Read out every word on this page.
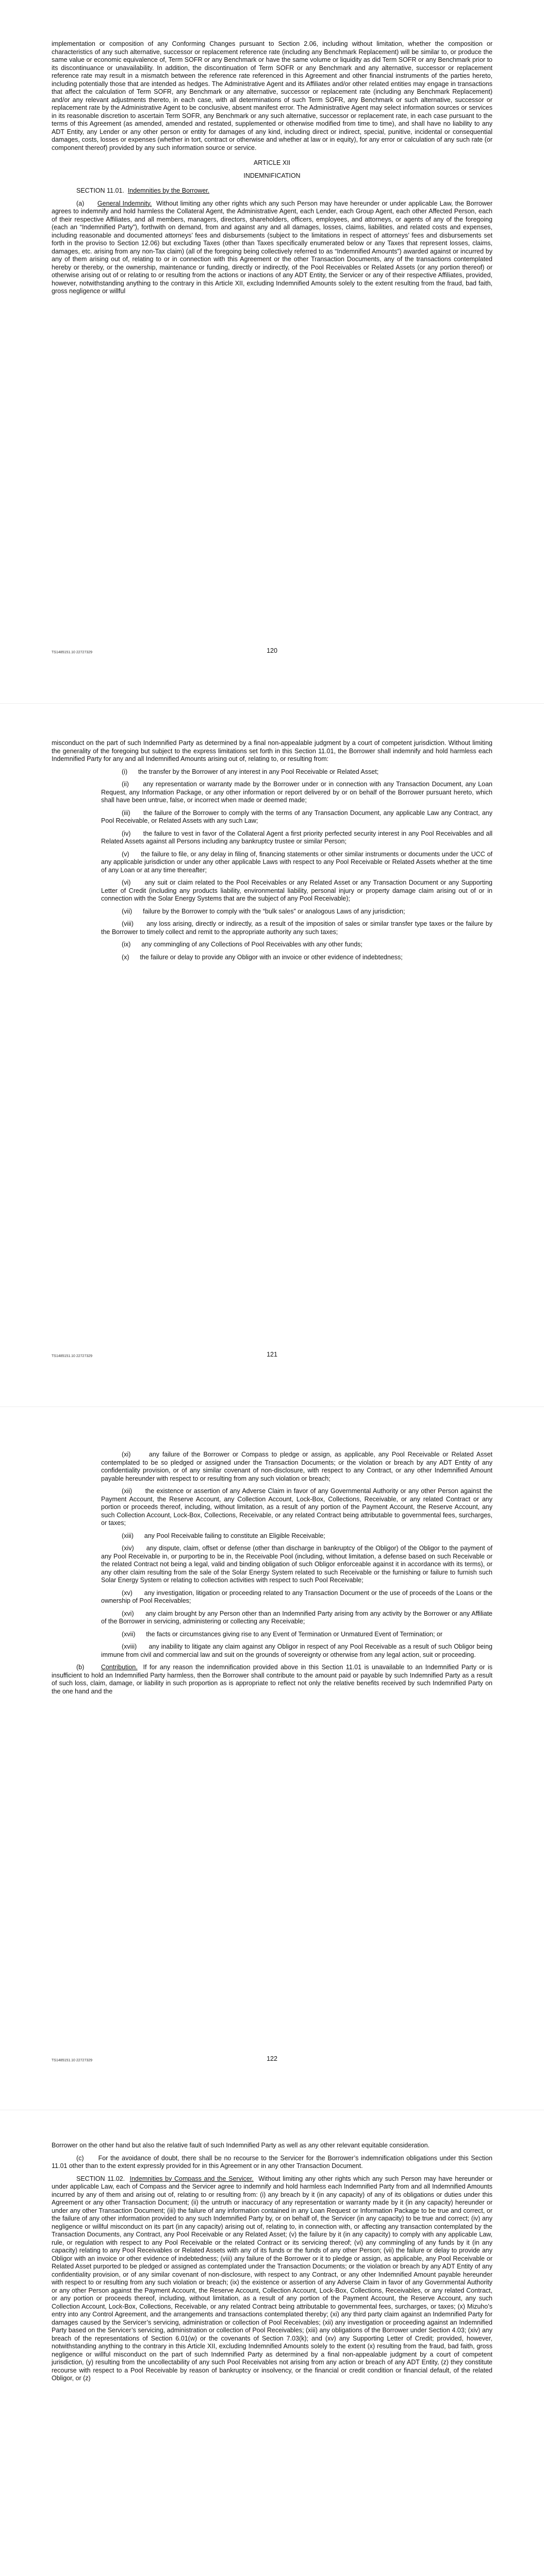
implementation or composition of any Conforming Changes pursuant to Section 2.06, including without limitation, whether the composition or characteristics of any such alternative, successor or replacement reference rate (including any Benchmark Replacement) will be similar to, or produce the same value or economic equivalence of, Term SOFR or any Benchmark or have the same volume or liquidity as did Term SOFR or any Benchmark prior to its discontinuance or unavailability. In addition, the discontinuation of Term SOFR or any Benchmark and any alternative, successor or replacement reference rate may result in a mismatch between the reference rate referenced in this Agreement and other financial instruments of the parties hereto, including potentially those that are intended as hedges. The Administrative Agent and its Affiliates and/or other related entities may engage in transactions that affect the calculation of Term SOFR, any Benchmark or any alternative, successor or replacement rate (including any Benchmark Replacement) and/or any relevant adjustments thereto, in each case, with all determinations of such Term SOFR, any Benchmark or such alternative, successor or replacement rate by the Administrative Agent to be conclusive, absent manifest error. The Administrative Agent may select information sources or services in its reasonable discretion to ascertain Term SOFR, any Benchmark or any such alternative, successor or replacement rate, in each case pursuant to the terms of this Agreement (as amended, amended and restated, supplemented or otherwise modified from time to time), and shall have no liability to any ADT Entity, any Lender or any other person or entity for damages of any kind, including direct or indirect, special, punitive, incidental or consequential damages, costs, losses or expenses (whether in tort, contract or otherwise and whether at law or in equity), for any error or calculation of any such rate (or component thereof) provided by any such information source or service.

ARTICLE XII

INDEMNIFICATION

SECTION 11.01. Indemnities by the Borrower.

(a) General Indemnity. Without limiting any other rights which any such Person may have hereunder or under applicable Law, the Borrower agrees to indemnify and hold harmless the Collateral Agent, the Administrative Agent, each Lender, each Group Agent, each other Affected Person, each of their respective Affiliates, and all members, managers, directors, shareholders, officers, employees, and attorneys, or agents of any of the foregoing (each an “Indemnified Party”), forthwith on demand, from and against any and all damages, losses, claims, liabilities, and related costs and expenses, including reasonable and documented attorneys’ fees and disbursements (subject to the limitations in respect of attorneys’ fees and disbursements set forth in the proviso to Section 12.06) but excluding Taxes (other than Taxes specifically enumerated below or any Taxes that represent losses, claims, damages, etc. arising from any non-Tax claim) (all of the foregoing being collectively referred to as “Indemnified Amounts”) awarded against or incurred by any of them arising out of, relating to or in connection with this Agreement or the other Transaction Documents, any of the transactions contemplated hereby or thereby, or the ownership, maintenance or funding, directly or indirectly, of the Pool Receivables or Related Assets (or any portion thereof) or otherwise arising out of or relating to or resulting from the actions or inactions of any ADT Entity, the Servicer or any of their respective Affiliates, provided, however, notwithstanding anything to the contrary in this Article XII, excluding Indemnified Amounts solely to the extent resulting from the fraud, bad faith, gross negligence or willful

TS1485151.10 22727329	120

misconduct on the part of such Indemnified Party as determined by a final non-appealable judgment by a court of competent jurisdiction. Without limiting the generality of the foregoing but subject to the express limitations set forth in this Section 11.01, the Borrower shall indemnify and hold harmless each Indemnified Party for any and all Indemnified Amounts arising out of, relating to, or resulting from:

(i) the transfer by the Borrower of any interest in any Pool Receivable or Related Asset;

(ii) any representation or warranty made by the Borrower under or in connection with any Transaction Document, any Loan Request, any Information Package, or any other information or report delivered by or on behalf of the Borrower pursuant hereto, which shall have been untrue, false, or incorrect when made or deemed made;

(iii) the failure of the Borrower to comply with the terms of any Transaction Document, any applicable Law any Contract, any Pool Receivable, or Related Assets with any such Law;

(iv) the failure to vest in favor of the Collateral Agent a first priority perfected security interest in any Pool Receivables and all Related Assets against all Persons including any bankruptcy trustee or similar Person;

(v) the failure to file, or any delay in filing of, financing statements or other similar instruments or documents under the UCC of any applicable jurisdiction or under any other applicable Laws with respect to any Pool Receivable or Related Assets whether at the time of any Loan or at any time thereafter;

(vi) any suit or claim related to the Pool Receivables or any Related Asset or any Transaction Document or any Supporting Letter of Credit (including any products liability, environmental liability, personal injury or property damage claim arising out of or in connection with the Solar Energy Systems that are the subject of any Pool Receivable);

(vii) failure by the Borrower to comply with the “bulk sales” or analogous Laws of any jurisdiction;

(viii) any loss arising, directly or indirectly, as a result of the imposition of sales or similar transfer type taxes or the failure by the Borrower to timely collect and remit to the appropriate authority any such taxes;

(ix) any commingling of any Collections of Pool Receivables with any other funds;

(x) the failure or delay to provide any Obligor with an invoice or other evidence of indebtedness;

TS1485151.10 22727329	121

(xi)	any failure of the Borrower or Compass to pledge or assign, as applicable, any Pool Receivable or Related Asset contemplated to be so pledged or assigned under the Transaction Documents; or the violation or breach by any ADT Entity of any confidentiality provision, or of any similar covenant of non-disclosure, with respect to any Contract, or any other Indemnified Amount payable hereunder with respect to or resulting from any such violation or breach;

(xii) the existence or assertion of any Adverse Claim in favor of any Governmental Authority or any other Person against the Payment Account, the Reserve Account, any Collection Account, Lock-Box, Collections, Receivable, or any related Contract or any portion or proceeds thereof, including, without limitation, as a result of any portion of the Payment Account, the Reserve Account, any such Collection Account, Lock-Box, Collections, Receivable, or any related Contract being attributable to governmental fees, surcharges, or taxes;

(xiii) any Pool Receivable failing to constitute an Eligible Receivable;

(xiv) any dispute, claim, offset or defense (other than discharge in bankruptcy of the Obligor) of the Obligor to the payment of any Pool Receivable in, or purporting to be in, the Receivable Pool (including, without limitation, a defense based on such Receivable or the related Contract not being a legal, valid and binding obligation of such Obligor enforceable against it in accordance with its terms), or any other claim resulting from the sale of the Solar Energy System related to such Receivable or the furnishing or failure to furnish such Solar Energy System or relating to collection activities with respect to such Pool Receivable;

(xv) any investigation, litigation or proceeding related to any Transaction Document or the use of proceeds of the Loans or the ownership of Pool Receivables;

(xvi) any claim brought by any Person other than an Indemnified Party arising from any activity by the Borrower or any Affiliate of the Borrower in servicing, administering or collecting any Receivable;

(xvii) the facts or circumstances giving rise to any Event of Termination or Unmatured Event of Termination; or

(xviii) any inability to litigate any claim against any Obligor in respect of any Pool Receivable as a result of such Obligor being immune from civil and commercial law and suit on the grounds of sovereignty or otherwise from any legal action, suit or proceeding.

(b)	Contribution. If for any reason the indemnification provided above in this Section 11.01 is unavailable to an Indemnified Party or is insufficient to hold an Indemnified Party harmless, then the Borrower shall contribute to the amount paid or payable by such Indemnified Party as a result of such loss, claim, damage, or liability in such proportion as is appropriate to reflect not only the relative benefits received by such Indemnified Party on the one hand and the

TS1485151.10 22727329	122

Borrower on the other hand but also the relative fault of such Indemnified Party as well as any other relevant equitable consideration.

(c) For the avoidance of doubt, there shall be no recourse to the Servicer for the Borrower’s indemnification obligations under this Section 11.01 other than to the extent expressly provided for in this Agreement or in any other Transaction Document.

SECTION 11.02. Indemnities by Compass and the Servicer. Without limiting any other rights which any such Person may have hereunder or under applicable Law, each of Compass and the Servicer agree to indemnify and hold harmless each Indemnified Party from and all Indemnified Amounts incurred by any of them and arising out of, relating to or resulting from: (i) any breach by it (in any capacity) of any of its obligations or duties under this Agreement or any other Transaction Document; (ii) the untruth or inaccuracy of any representation or warranty made by it (in any capacity) hereunder or under any other Transaction Document; (iii) the failure of any information contained in any Loan Request or Information Package to be true and correct, or the failure of any other information provided to any such Indemnified Party by, or on behalf of, the Servicer (in any capacity) to be true and correct; (iv) any negligence or willful misconduct on its part (in any capacity) arising out of, relating to, in connection with, or affecting any transaction contemplated by the Transaction Documents, any Contract, any Pool Receivable or any Related Asset; (v) the failure by it (in any capacity) to comply with any applicable Law, rule, or regulation with respect to any Pool Receivable or the related Contract or its servicing thereof; (vi) any commingling of any funds by it (in any capacity) relating to any Pool Receivables or Related Assets with any of its funds or the funds of any other Person; (vii) the failure or delay to provide any Obligor with an invoice or other evidence of indebtedness; (viii) any failure of the Borrower or it to pledge or assign, as applicable, any Pool Receivable or Related Asset purported to be pledged or assigned as contemplated under the Transaction Documents; or the violation or breach by any ADT Entity of any confidentiality provision, or of any similar covenant of non-disclosure, with respect to any Contract, or any other Indemnified Amount payable hereunder with respect to or resulting from any such violation or breach; (ix) the existence or assertion of any Adverse Claim in favor of any Governmental Authority or any other Person against the Payment Account, the Reserve Account, Collection Account, Lock-Box, Collections, Receivables, or any related Contract, or any portion or proceeds thereof, including, without limitation, as a result of any portion of the Payment Account, the Reserve Account, any such Collection Account, Lock-Box, Collections, Receivable, or any related Contract being attributable to governmental fees, surcharges, or taxes; (x) Mizuho’s entry into any Control Agreement, and the arrangements and transactions contemplated thereby; (xi) any third party claim against an Indemnified Party for damages caused by the Servicer’s servicing, administration or collection of Pool Receivables; (xii) any investigation or proceeding against an Indemnified Party based on the Servicer’s servicing, administration or collection of Pool Receivables; (xiii) any obligations of the Borrower under Section 4.03; (xiv) any breach of the representations of Section 6.01(w) or the covenants of Section 7.03(k); and (xv) any Supporting Letter of Credit; provided, however, notwithstanding anything to the contrary in this Article XII, excluding Indemnified Amounts solely to the extent (x) resulting from the fraud, bad faith, gross negligence or willful misconduct on the part of such Indemnified Party as determined by a final non-appealable judgment by a court of competent jurisdiction, (y) resulting from the uncollectability of any such Pool Receivables not arising from any action or breach of any ADT Entity, (z) they constitute recourse with respect to a Pool Receivable by reason of bankruptcy or insolvency, or the financial or credit condition or financial default, of the related Obligor, or (z)
